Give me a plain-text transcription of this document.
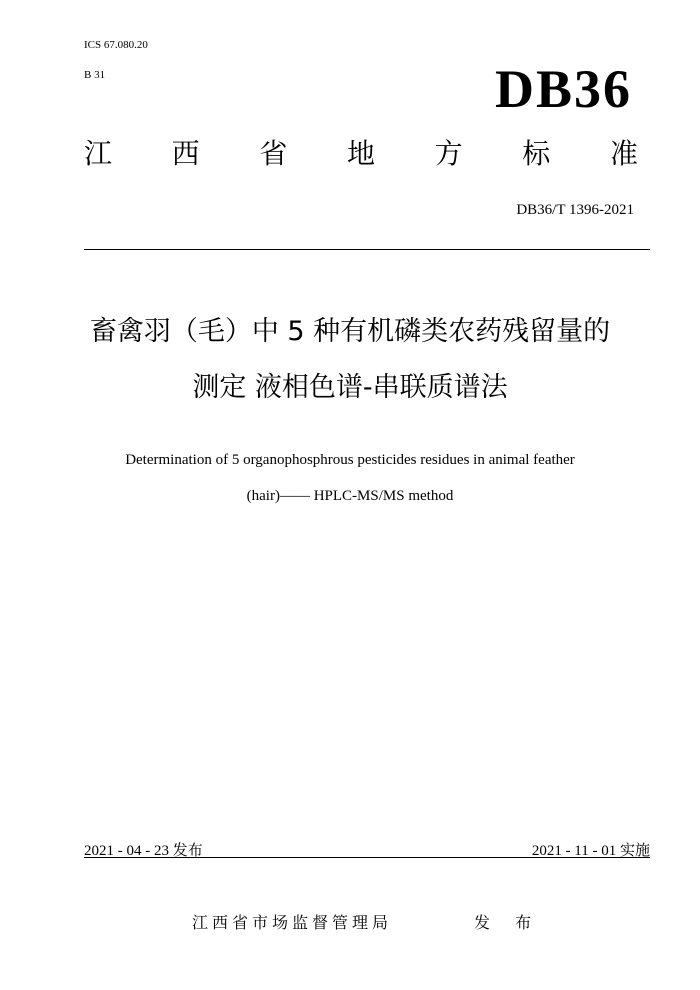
ICS 67.080.20
B 31	DB36
江 西 省 地 方 标 准
DB36/T 1396-2021
畜禽羽（毛）中 5 种有机磷类农药残留量的
测定 液相色谱-串联质谱法
Determination of 5 organophosphrous pesticides residues in animal feather
(hair)—— HPLC-MS/MS method
2021 - 04 - 23 发布	2021 - 11 - 01 实施
江西省市场监督管理局	发 布
